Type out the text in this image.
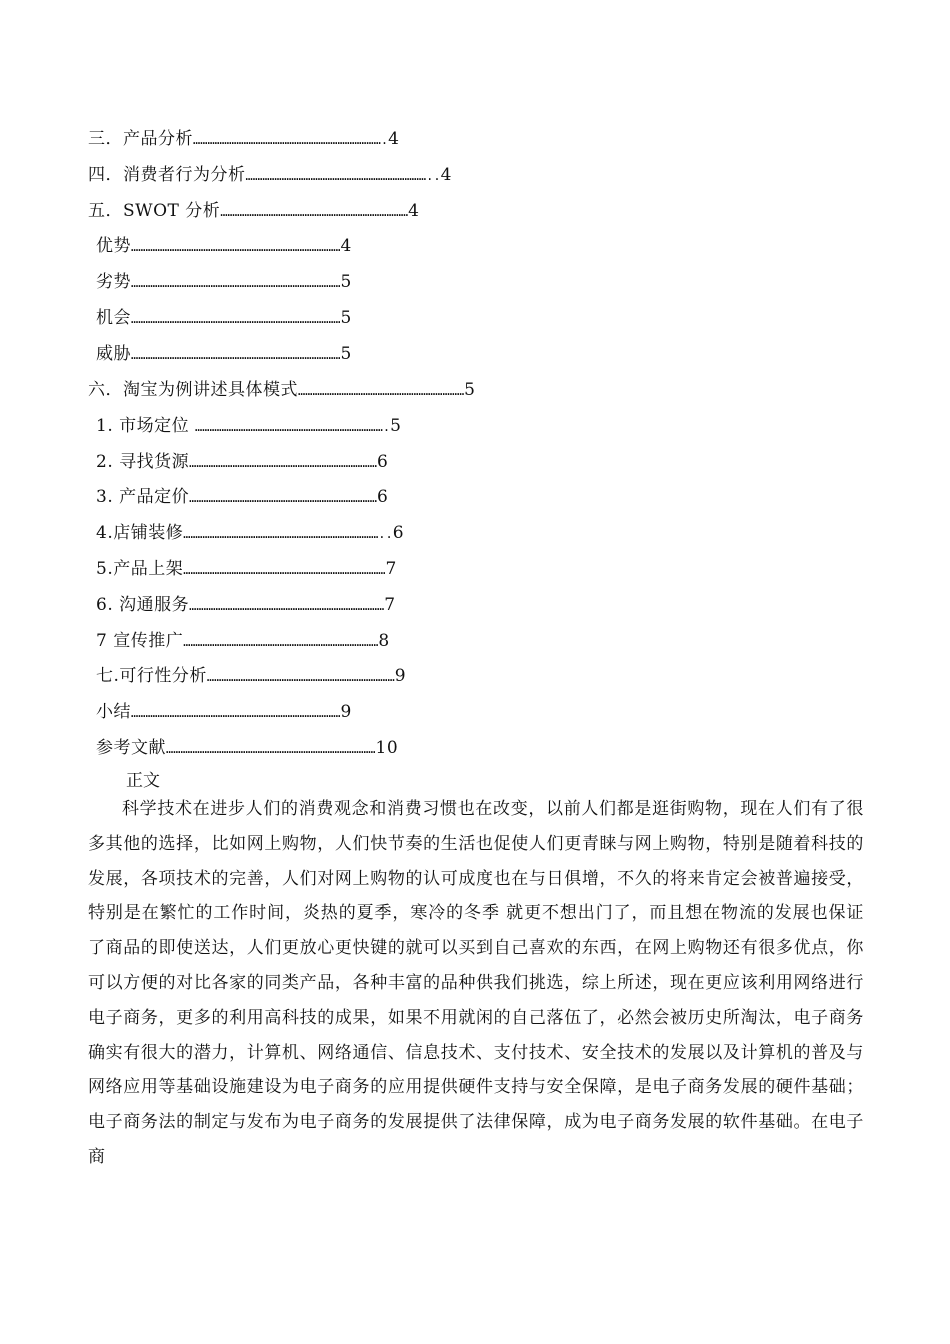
三．产品分析…………………………………………………………………….4
四．消费者行为分析…………………………………………………………………..4
五．SWOT 分析……………………………………………………………………4
优势……………………………………………………………………………4
劣势……………………………………………………………………………5
机会……………………………………………………………………………5
威胁……………………………………………………………………………5
六．淘宝为例讲述具体模式……………………………………………………………5
1. 市场定位 …………………………………………………………………….5
2. 寻找货源……………………………………………………………………6
3. 产品定价……………………………………………………………………6
4.店铺装修………………………………………………………………………..6
5.产品上架…………………………………………………………………………7
6. 沟通服务………………………………………………………………………7
7 宣传推广………………………………………………………………………8
七.可行性分析……………………………………………………………………9
小结……………………………………………………………………………9
参考文献……………………………………………………………………………10
正文

科学技术在进步人们的消费观念和消费习惯也在改变，以前人们都是逛街购物，现在人们有了很多其他的选择，比如网上购物，人们快节奏的生活也促使人们更青睐与网上购物，特别是随着科技的发展，各项技术的完善，人们对网上购物的认可成度也在与日俱增，不久的将来肯定会被普遍接受，特别是在繁忙的工作时间，炎热的夏季，寒冷的冬季 就更不想出门了，而且想在物流的发展也保证了商品的即使送达，人们更放心更快键的就可以买到自己喜欢的东西，在网上购物还有很多优点，你可以方便的对比各家的同类产品，各种丰富的品种供我们挑选，综上所述，现在更应该利用网络进行电子商务，更多的利用高科技的成果，如果不用就闲的自己落伍了，必然会被历史所淘汰，电子商务确实有很大的潜力，计算机、网络通信、信息技术、支付技术、安全技术的发展以及计算机的普及与网络应用等基础设施建设为电子商务的应用提供硬件支持与安全保障，是电子商务发展的硬件基础；电子商务法的制定与发布为电子商务的发展提供了法律保障，成为电子商务发展的软件基础。在电子商
